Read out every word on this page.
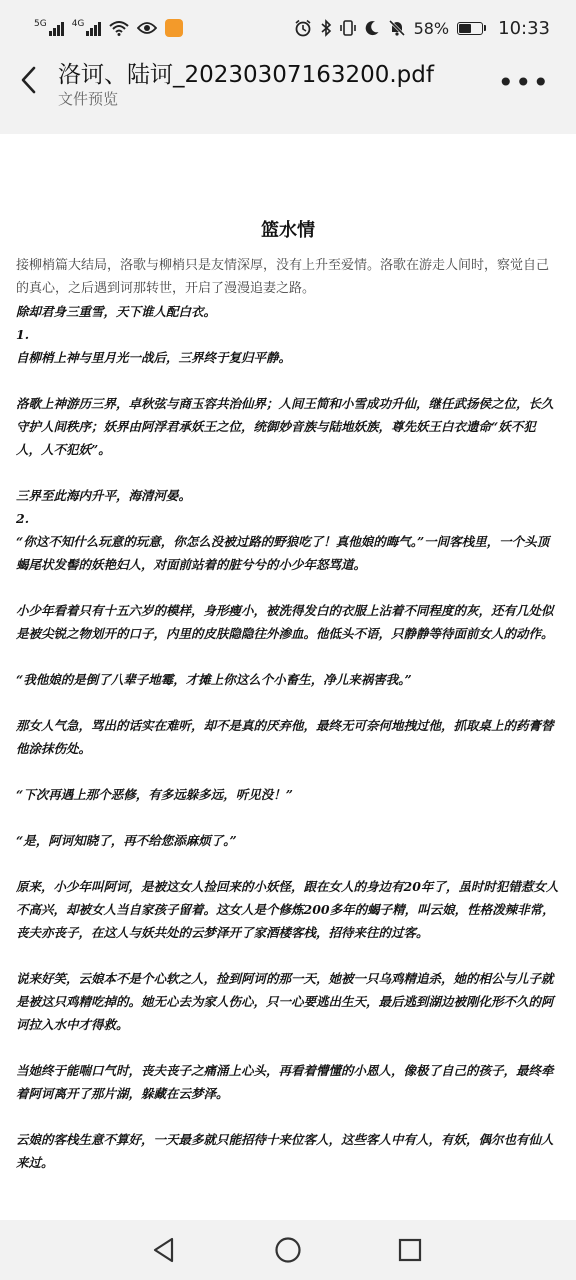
5G	4G	58%	10:33
洛诃、陆诃_20230307163200.pdf
文件预览	•••
篮水情
接柳梢篇大结局，洛歌与柳梢只是友情深厚，没有上升至爱情。洛歌在游走人间时，察觉自己的真心，之后遇到诃那转世，开启了漫漫追妻之路。

除却君身三重雪，天下谁人配白衣。

1.

自柳梢上神与里月光一战后，三界终于复归平静。

洛歌上神游历三界，卓秋弦与商玉容共治仙界；人间王简和小雪成功升仙，继任武扬侯之位，长久守护人间秩序；妖界由阿浮君承妖王之位，统御妙音族与陆地妖族，尊先妖王白衣遗命“妖不犯人，人不犯妖”。

三界至此海内升平，海清河晏。

2.

“你这不知什么玩意的玩意，你怎么没被过路的野狼吃了！真他娘的晦气。”一间客栈里，一个头顶蝎尾状发髻的妖艳妇人，对面前站着的脏兮兮的小少年怒骂道。

小少年看着只有十五六岁的模样，身形瘦小，被洗得发白的衣服上沾着不同程度的灰，还有几处似是被尖锐之物划开的口子，内里的皮肤隐隐往外渗血。他低头不语，只静静等待面前女人的动作。

“我他娘的是倒了八辈子地霉，才摊上你这么个小畜生，净儿来祸害我。”

那女人气急，骂出的话实在难听，却不是真的厌弃他，最终无可奈何地拽过他，抓取桌上的药膏替他涂抹伤处。

“下次再遇上那个恶修，有多远躲多远，听见没！”

“是，阿诃知晓了，再不给您添麻烦了。”

原来，小少年叫阿诃，是被这女人捡回来的小妖怪，跟在女人的身边有20年了，虽时时犯错惹女人不高兴，却被女人当自家孩子留着。这女人是个修炼200多年的蝎子精，叫云娘，性格泼辣非常，丧夫亦丧子，在这人与妖共处的云梦泽开了家酒楼客栈，招待来往的过客。

说来好笑，云娘本不是个心软之人，捡到阿诃的那一天，她被一只乌鸡精追杀，她的相公与儿子就是被这只鸡精吃掉的。她无心去为家人伤心，只一心要逃出生天，最后逃到湖边被刚化形不久的阿诃拉入水中才得救。

当她终于能喘口气时，丧夫丧子之痛涌上心头，再看着懵懂的小恩人，像极了自己的孩子，最终牵着阿诃离开了那片湖，躲藏在云梦泽。

云娘的客栈生意不算好，一天最多就只能招待十来位客人，这些客人中有人，有妖，偶尔也有仙人来过。
